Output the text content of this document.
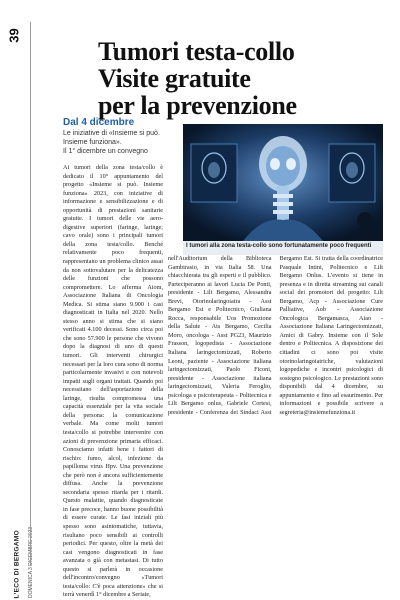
39
L'ECO DI BERGAMO DOMENICA 3 DICEMBRE 2023
Tumori testa-collo
Visite gratuite
per la prevenzione
Dal 4 dicembre
Le iniziative di «Insieme si può.
Insieme funziona».
Il 1° dicembre un convegno
I tumori alla zona testa-collo sono fortunatamente poco frequenti

Ai tumori della zona testa/collo è dedicato il 10° appuntamento del progetto «Insieme si può. Insieme funziona» 2023, con iniziative di informazione e sensibilizzazione e di opportunità di prestazioni sanitarie gratuite. I tumori delle vie aero-digestive superiori (faringe, laringe; cavo orale) sono i principali tumori della zona testa/collo. Benché relativamente poco frequenti, rappresentano un problema clinico assai da non sottovalutare per la delicatezza delle funzioni che possono compromettere. Lo afferma Aiom, Associazione Italiana di Oncologia Medica. Si stima siano 9.900 i casi diagnosticati in Italia nel 2020. Nello stesso anno si stima che si siano verificati 4.100 decessi. Sono circa poi che sono 57.900 le persone che vivono dopo la diagnosi di uno di questi tumori. Gli interventi chirurgici necessari per la loro cura sono di norma particolarmente invasivi e con notevoli impatti sugli organi trattati. Quando poi necessitano dell'asportazione della laringe, risulta compromessa una capacità essenziale per la vita sociale della persona: la comunicazione verbale. Ma come molti tumori testa/collo si potrebbe intervenire con azioni di prevenzione primaria efficaci. Conosciamo infatti bene i fattori di rischio: fumo, alcol, infezione da papilloma virus Hpv. Una prevenzione che però non è ancora sufficientemente diffusa. Anche la prevenzione secondaria spesso ritarda per i ritardi. Questo malattie, quando diagnosticate in fase precoce, hanno buone possibilità di essere curate. Le fasi iniziali più spesso sono asintomatiche, tuttavia, risultano poco sensibili ai controlli periodici. Per questo, oltre la metà dei casi vengono diagnosticati in fase avanzata o già con metastasi. Di tutto questo si parlerà in occasione dell'incontro/convegno «Tumori testa/collo: C'è poca attenzione» che si terrà venerdì 1° dicembre a Seriate,

nell'Auditorium della Biblioteca Gambirasio, in via Italia 58. Una chiacchierata tra gli esperti e il pubblico. Parteciperanno ai lavori Lucia De Ponti, presidente - Lilt Bergamo, Alessandra Brevi, Otorinolaringoiatra - Asst Bergamo Est e Politecnico, Giuliana Rocca, responsabile Uos Promozione della Salute - Ats Bergamo, Cecilia Moro, oncologa - Asst PG23, Maurizio Frasson, logopedista - Associazione Italiana laringectomizzati, Roberto Leoni, paziente - Associazione italiana laringectomizzati, Paolo Ficoni, presidente - Associazione italiana laringectomizzati, Valeria Feroglio, psicologa e psicoterapeuta - Politecnica e Lilt Bergamo onlus, Gabriele Cortesi, presidente - Conferenza dei Sindaci Asst Bergamo Est. Si tratta della coordinatrice Pasquale Intini, Politecnico e Lilt Bergamo Onlus. L'evento si tiene in presenza e in diretta streaming sui canali social dei promotori del progetto: Lilt Bergamo, Acp - Associazione Cure Palliative, Aob - Associazione Oncologica Bergamasca, Aiao - Associazione Italiana Laringectomizzati, Amici di Gabry. Insieme con il Sole dentro e Politecnica. A disposizione dei cittadini ci sono poi visite otorinolaringoiatriche, valutazioni logopediche e incontri psicologici di sostegno psicologico. Le prestazioni sono disponibili dal 4 dicembre, su appuntamento e fino ad esaurimento. Per informazioni e possibile scrivere a segreteria@insiemefunziona.it
